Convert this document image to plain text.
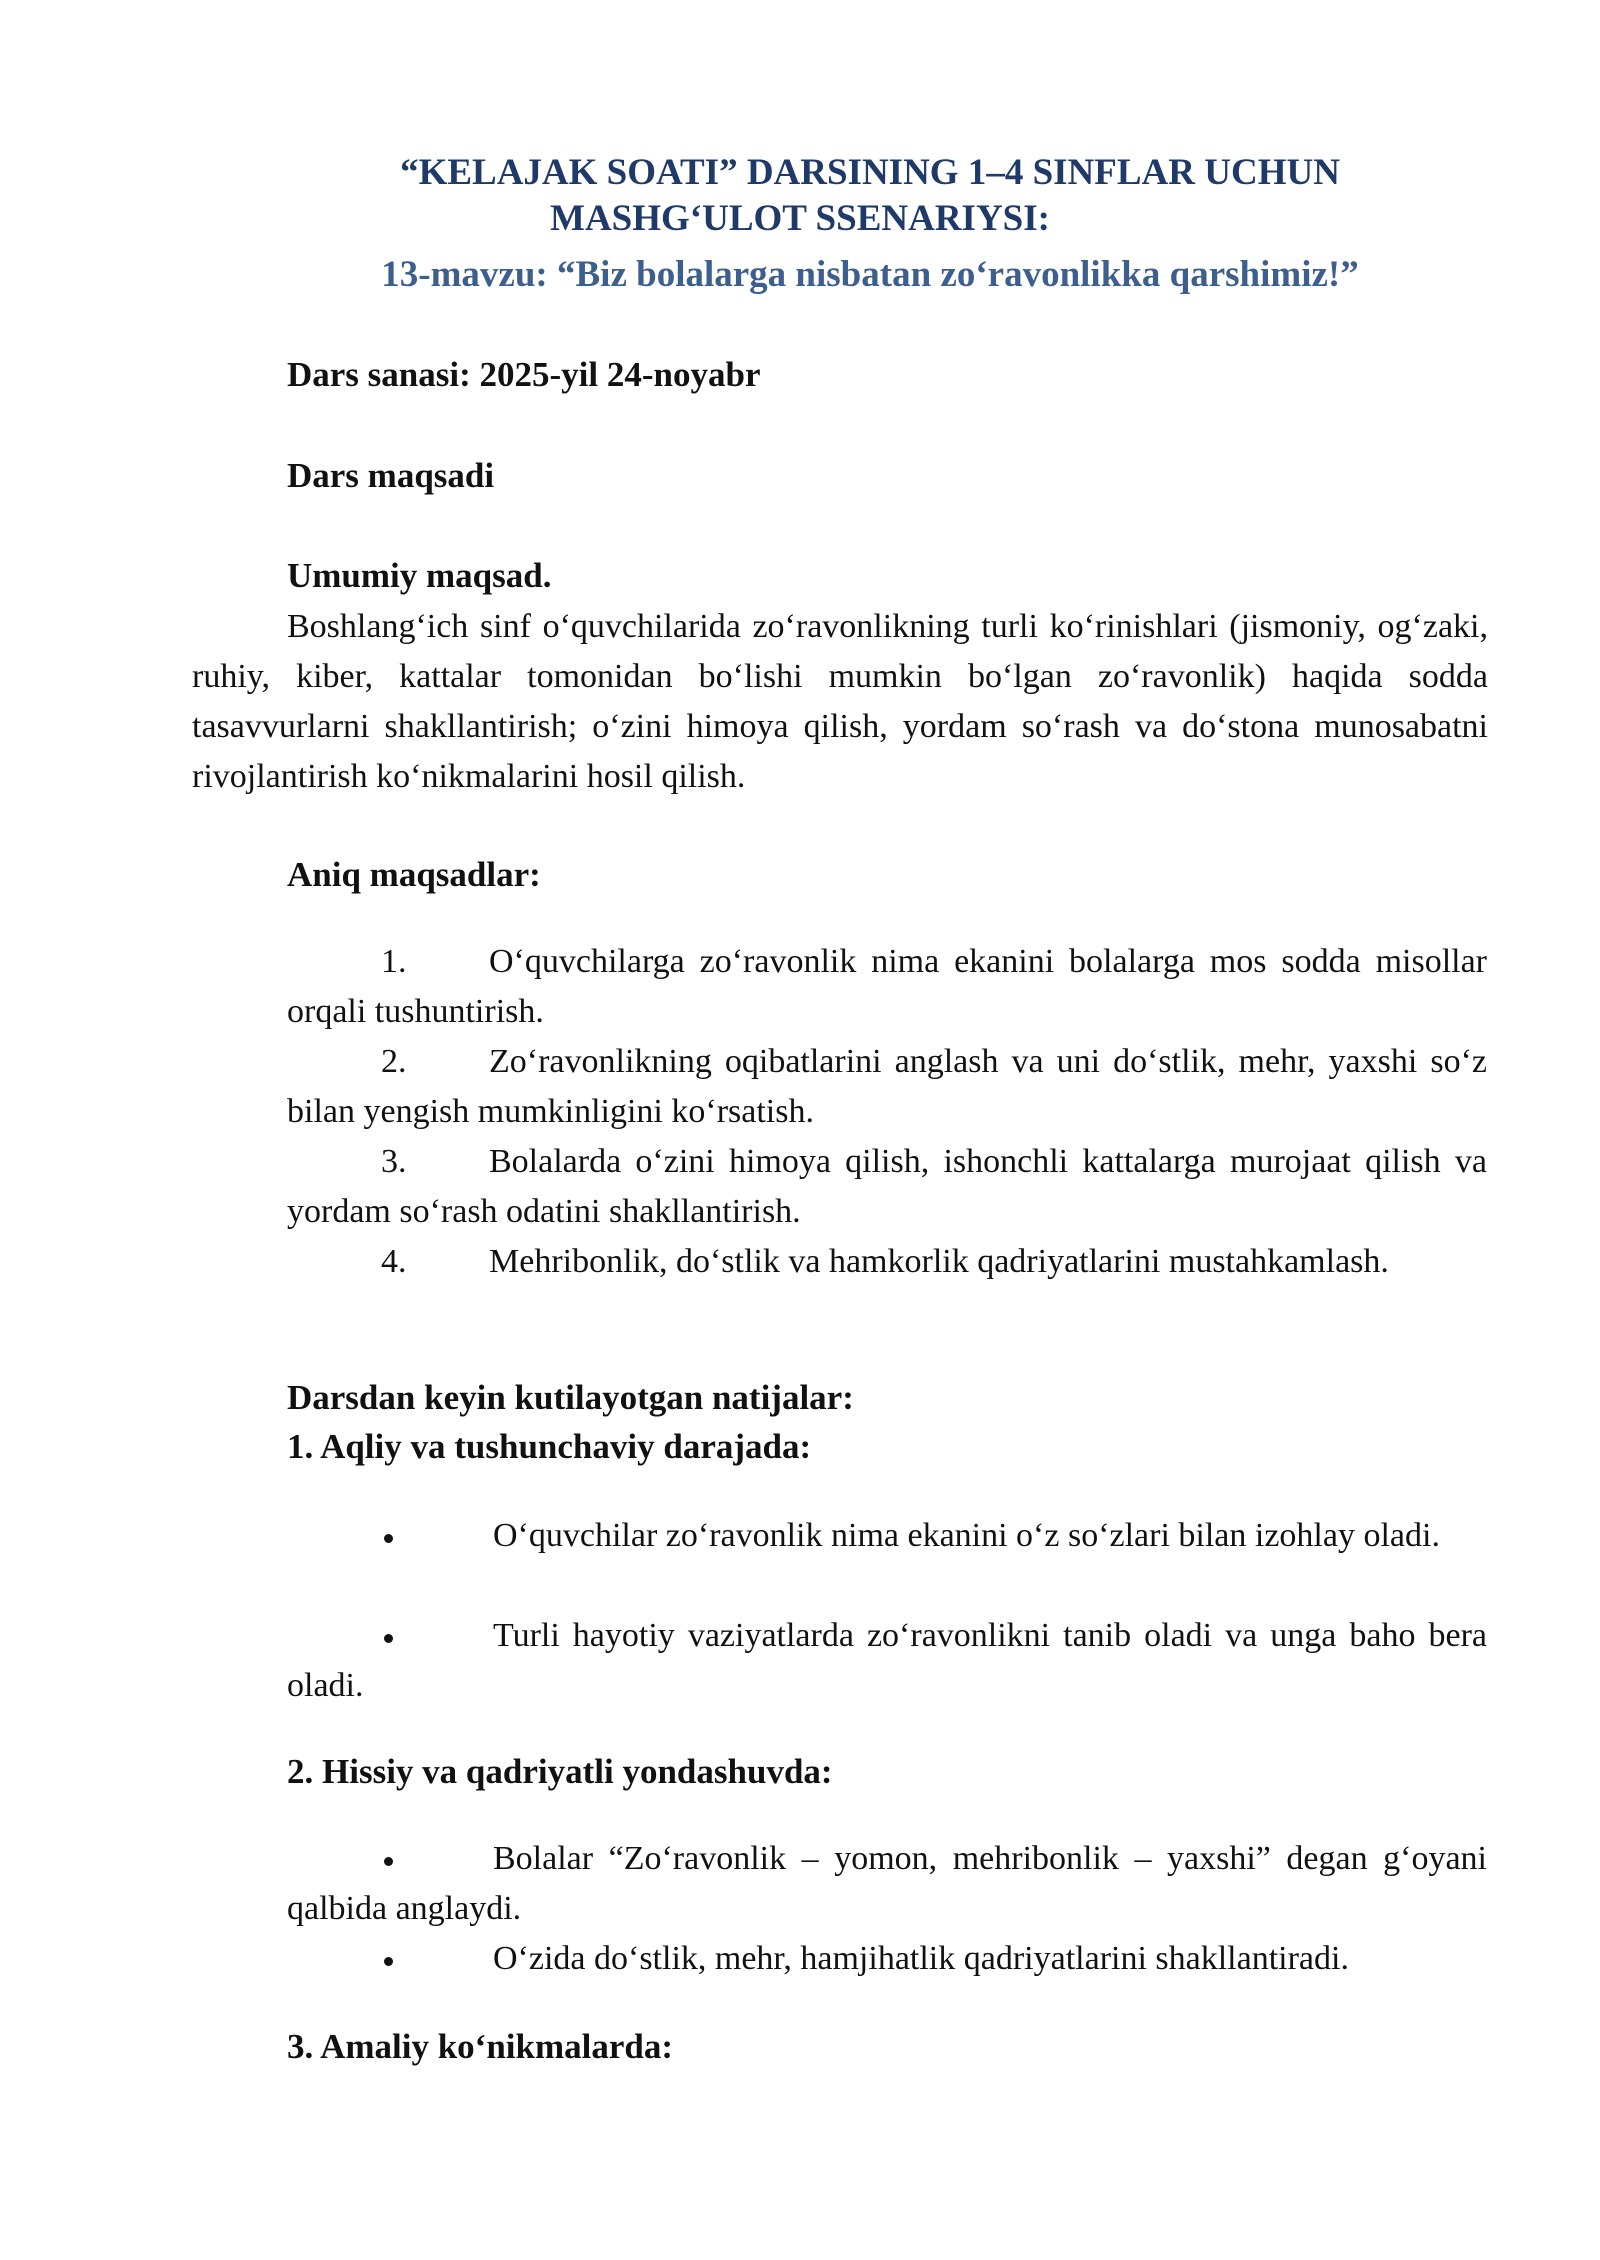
“KELAJAK SOATI” DARSINING 1–4 SINFLAR UCHUN
MASHG‘ULOT SSENARIYSI:
13-mavzu: “Biz bolalarga nisbatan zo‘ravonlikka qarshimiz!”
Dars sanasi: 2025-yil 24-noyabr
Dars maqsadi
Umumiy maqsad.
Boshlang‘ich sinf o‘quvchilarida zo‘ravonlikning turli ko‘rinishlari (jismoniy, og‘zaki, ruhiy, kiber, kattalar tomonidan bo‘lishi mumkin bo‘lgan zo‘ravonlik) haqida sodda tasavvurlarni shakllantirish; o‘zini himoya qilish, yordam so‘rash va do‘stona munosabatni rivojlantirish ko‘nikmalarini hosil qilish.
Aniq maqsadlar:
1. O‘quvchilarga zo‘ravonlik nima ekanini bolalarga mos sodda misollar orqali tushuntirish.
2. Zo‘ravonlikning oqibatlarini anglash va uni do‘stlik, mehr, yaxshi so‘z bilan yengish mumkinligini ko‘rsatish.
3. Bolalarda o‘zini himoya qilish, ishonchli kattalarga murojaat qilish va yordam so‘rash odatini shakllantirish.
4. Mehribonlik, do‘stlik va hamkorlik qadriyatlarini mustahkamlash.
Darsdan keyin kutilayotgan natijalar:
1. Aqliy va tushunchaviy darajada:
O‘quvchilar zo‘ravonlik nima ekanini o‘z so‘zlari bilan izohlay oladi.
Turli hayotiy vaziyatlarda zo‘ravonlikni tanib oladi va unga baho bera oladi.
2. Hissiy va qadriyatli yondashuvda:
Bolalar “Zo‘ravonlik – yomon, mehribonlik – yaxshi” degan g‘oyani qalbida anglaydi.
O‘zida do‘stlik, mehr, hamjihatlik qadriyatlarini shakllantiradi.
3. Amaliy ko‘nikmalarda:
